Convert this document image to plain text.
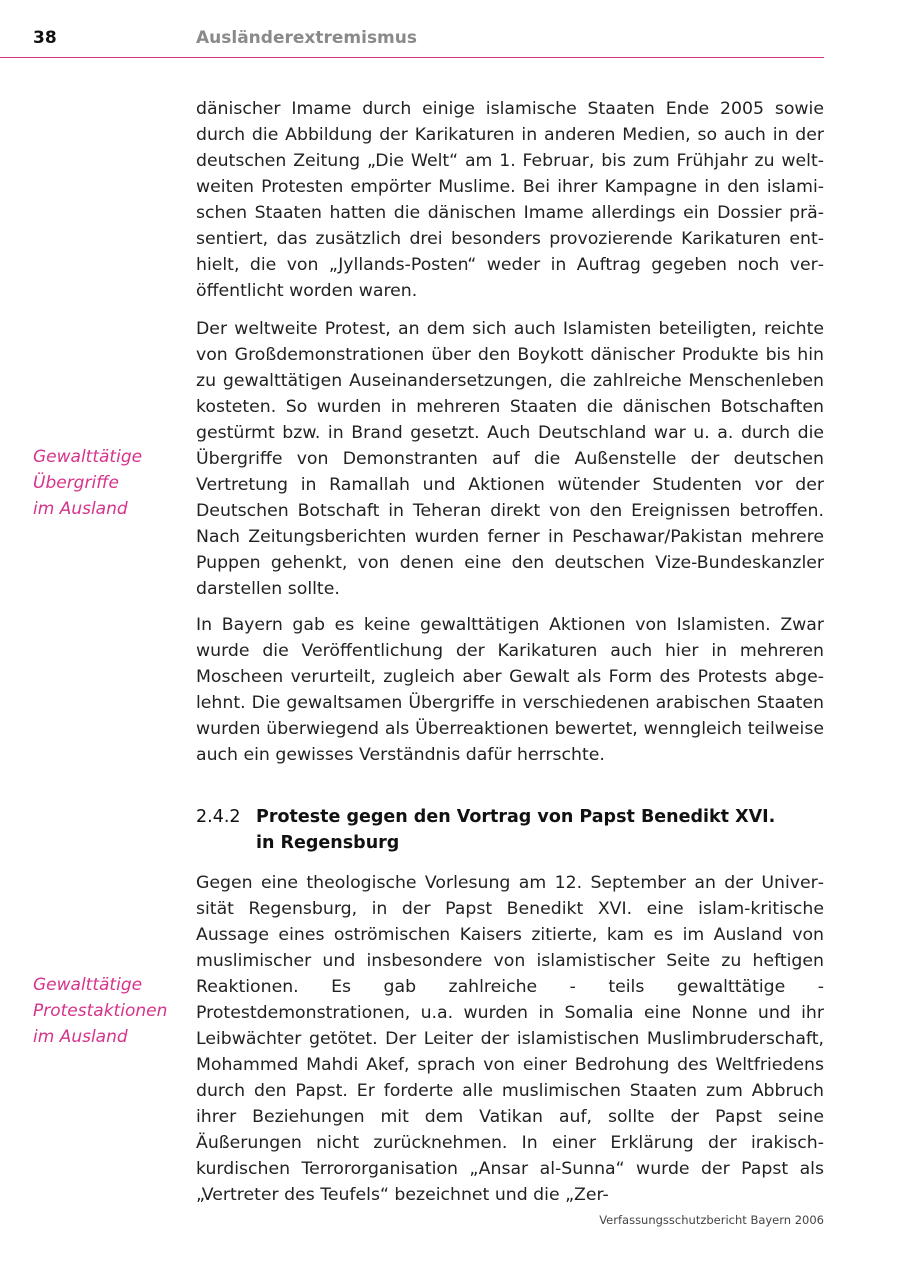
38	Ausländerextremismus
dänischer Imame durch einige islamische Staaten Ende 2005 sowie durch die Abbildung der Karikaturen in anderen Medien, so auch in der deutschen Zeitung „Die Welt“ am 1. Februar, bis zum Frühjahr zu weltweiten Protesten empörter Muslime. Bei ihrer Kampagne in den islamischen Staaten hatten die dänischen Imame allerdings ein Dossier präsentiert, das zusätzlich drei besonders provozierende Karikaturen enthielt, die von „Jyllands-Posten“ weder in Auftrag gegeben noch veröffentlicht worden waren.
Der weltweite Protest, an dem sich auch Islamisten beteiligten, reichte von Großdemonstrationen über den Boykott dänischer Produkte bis hin zu gewalttätigen Auseinandersetzungen, die zahlreiche Menschenleben kosteten. So wurden in mehreren Staaten die dänischen Botschaften gestürmt bzw. in Brand gesetzt. Auch Deutschland war u. a. durch die Übergriffe von Demonstranten auf die Außenstelle der deutschen Vertretung in Ramallah und Aktionen wütender Studenten vor der Deutschen Botschaft in Teheran direkt von den Ereignissen betroffen. Nach Zeitungsberichten wurden ferner in Peschawar/Pakistan mehrere Puppen gehenkt, von denen eine den deutschen Vize-Bundeskanzler darstellen sollte.
In Bayern gab es keine gewalttätigen Aktionen von Islamisten. Zwar wurde die Veröffentlichung der Karikaturen auch hier in mehreren Moscheen verurteilt, zugleich aber Gewalt als Form des Protests abgelehnt. Die gewaltsamen Übergriffe in verschiedenen arabischen Staaten wurden überwiegend als Überreaktionen bewertet, wenngleich teilweise auch ein gewisses Verständnis dafür herrschte.
Gewalttätige
Übergriffe
im Ausland
2.4.2 Proteste gegen den Vortrag von Papst Benedikt XVI.
in Regensburg
Gegen eine theologische Vorlesung am 12. September an der Universität Regensburg, in der Papst Benedikt XVI. eine islam-kritische Aussage eines oströmischen Kaisers zitierte, kam es im Ausland von muslimischer und insbesondere von islamistischer Seite zu heftigen Reaktionen. Es gab zahlreiche - teils gewalttätige - Protestdemonstrationen, u.a. wurden in Somalia eine Nonne und ihr Leibwächter getötet. Der Leiter der islamistischen Muslimbruderschaft, Mohammed Mahdi Akef, sprach von einer Bedrohung des Weltfriedens durch den Papst. Er forderte alle muslimischen Staaten zum Abbruch ihrer Beziehungen mit dem Vatikan auf, sollte der Papst seine Äußerungen nicht zurücknehmen. In einer Erklärung der irakisch-kurdischen Terrororganisation „Ansar al-Sunna“ wurde der Papst als „Vertreter des Teufels“ bezeichnet und die „Zer-
Gewalttätige
Protestaktionen
im Ausland
Verfassungsschutzbericht Bayern 2006
